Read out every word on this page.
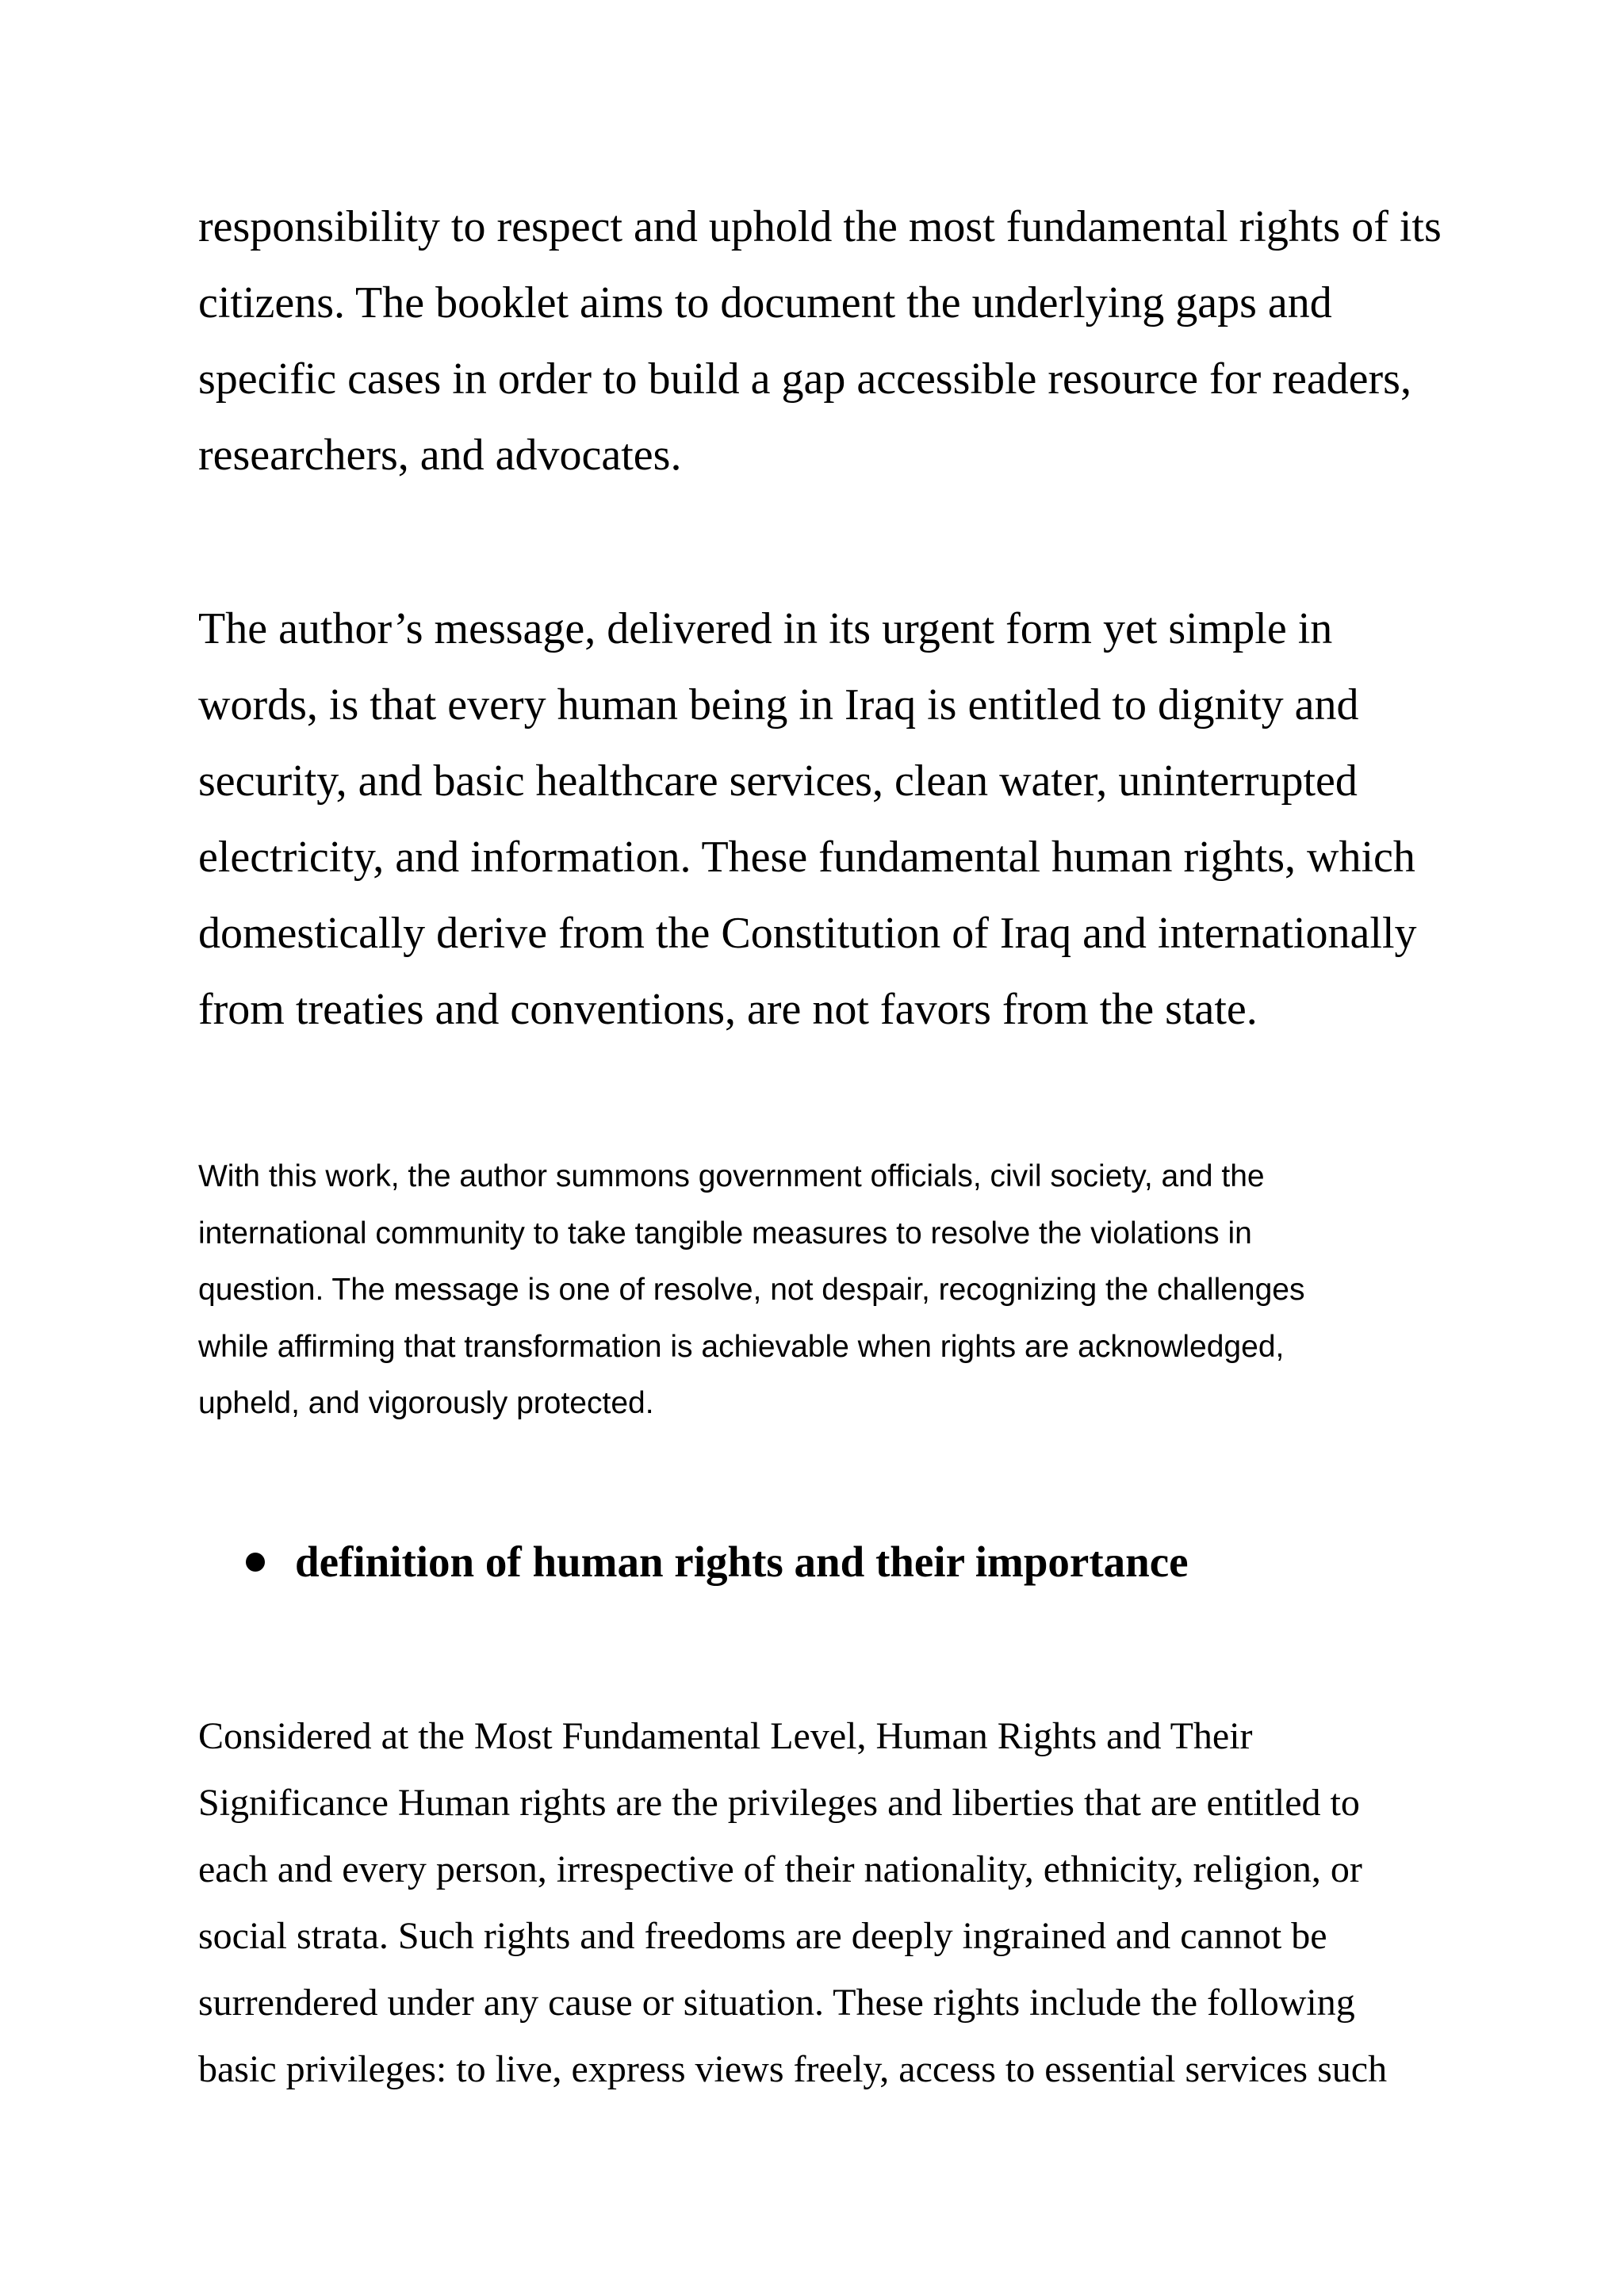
responsibility to respect and uphold the most fundamental rights of its
citizens. The booklet aims to document the underlying gaps and
specific cases in order to build a gap accessible resource for readers,
researchers, and advocates.

The author’s message, delivered in its urgent form yet simple in
words, is that every human being in Iraq is entitled to dignity and
security, and basic healthcare services, clean water, uninterrupted
electricity, and information. These fundamental human rights, which
domestically derive from the Constitution of Iraq and internationally
from treaties and conventions, are not favors from the state.

With this work, the author summons government officials, civil society, and the
international community to take tangible measures to resolve the violations in
question. The message is one of resolve, not despair, recognizing the challenges
while affirming that transformation is achievable when rights are acknowledged,
upheld, and vigorously protected.

definition of human rights and their importance

Considered at the Most Fundamental Level, Human Rights and Their
Significance Human rights are the privileges and liberties that are entitled to
each and every person, irrespective of their nationality, ethnicity, religion, or
social strata. Such rights and freedoms are deeply ingrained and cannot be
surrendered under any cause or situation. These rights include the following
basic privileges: to live, express views freely, access to essential services such
